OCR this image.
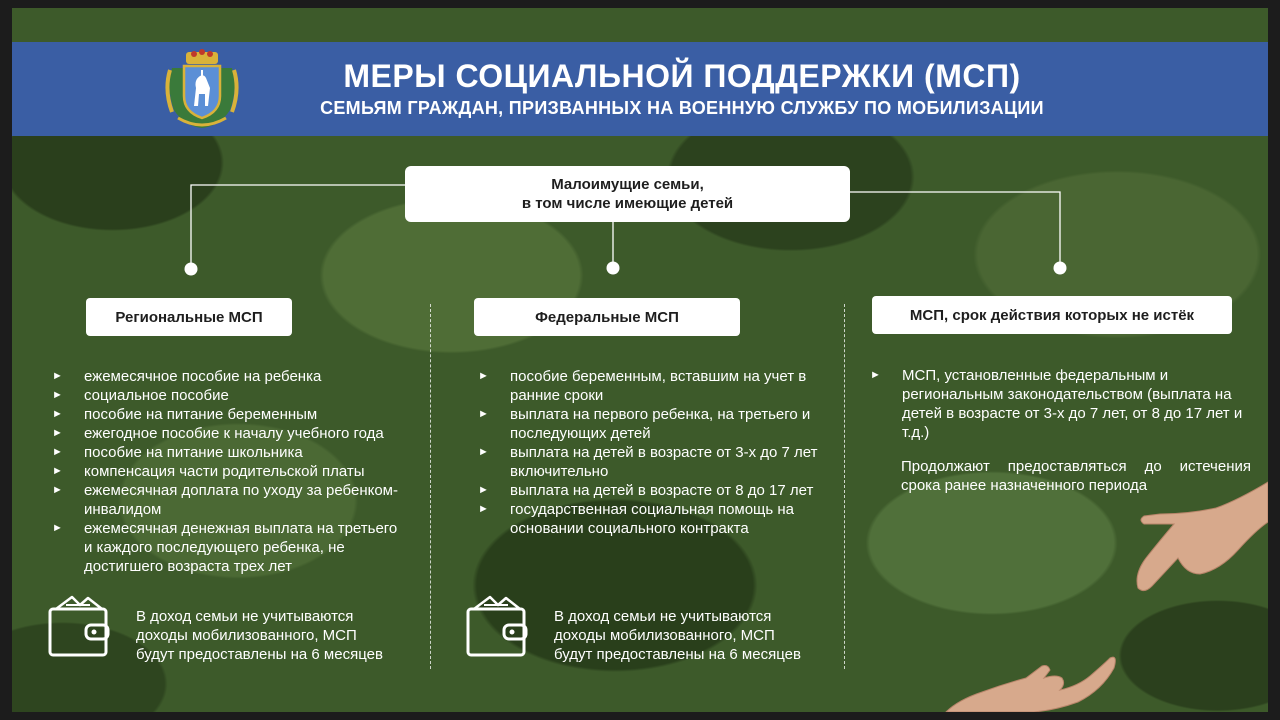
МЕРЫ СОЦИАЛЬНОЙ ПОДДЕРЖКИ (МСП)
СЕМЬЯМ ГРАЖДАН, ПРИЗВАННЫХ НА ВОЕННУЮ СЛУЖБУ ПО МОБИЛИЗАЦИИ
Малоимущие семьи,
в том числе имеющие детей
Региональные МСП	Федеральные МСП	МСП, срок действия которых не истёк
► ежемесячное пособие на ребенка
► социальное пособие
► пособие на питание беременным
► ежегодное пособие к началу учебного года
► пособие на питание школьника
► компенсация части родительской платы
► ежемесячная доплата по уходу за ребенком-инвалидом
► ежемесячная денежная выплата на третьего и каждого последующего ребенка, не достигшего возраста трех лет
► пособие беременным, вставшим на учет в ранние сроки
► выплата на первого ребенка, на третьего и последующих детей
► выплата на детей в возрасте от 3-х до 7 лет включительно
► выплата на детей в возрасте от 8 до 17 лет
► государственная социальная помощь на основании социального контракта
► МСП, установленные федеральным и региональным законодательством (выплата на детей в возрасте от 3-х до 7 лет, от 8 до 17 лет и т.д.)
Продолжают предоставляться до истечения срока ранее назначенного периода
В доход семьи не учитываются доходы мобилизованного, МСП будут предоставлены на 6 месяцев
В доход семьи не учитываются доходы мобилизованного, МСП будут предоставлены на 6 месяцев
